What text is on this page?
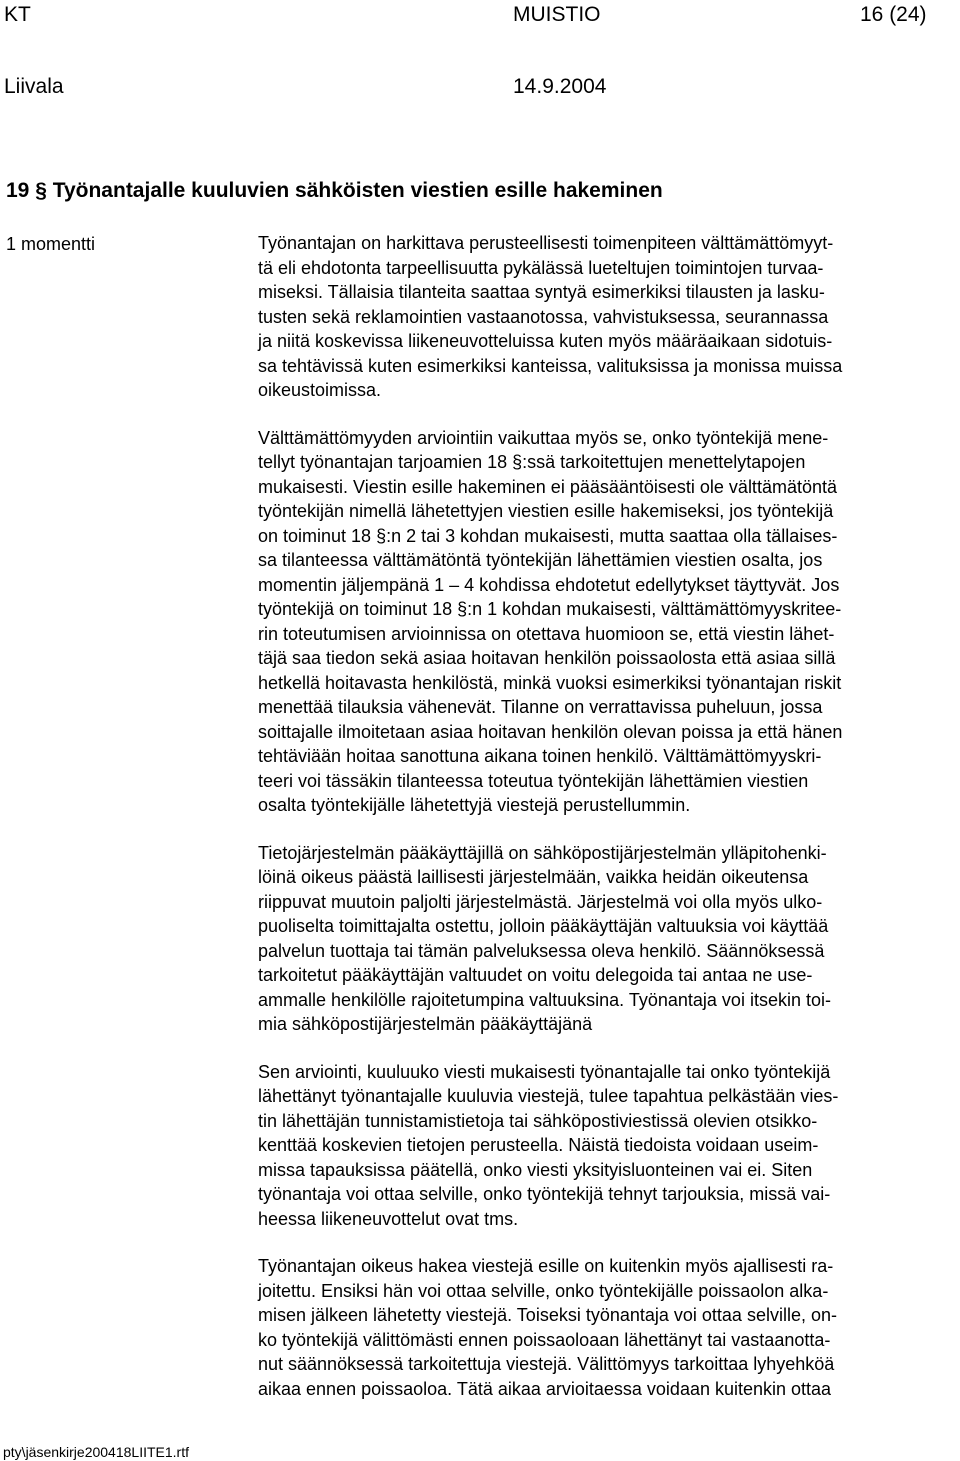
KT	MUISTIO	16 (24)
Liivala	14.9.2004
19 § Työnantajalle kuuluvien sähköisten viestien esille hakeminen
1 momentti	Työnantajan on harkittava perusteellisesti toimenpiteen välttämättömyyt-
tä eli ehdotonta tarpeellisuutta pykälässä lueteltujen toimintojen turvaa-
miseksi. Tällaisia tilanteita saattaa syntyä esimerkiksi tilausten ja lasku-
tusten sekä reklamointien vastaanotossa, vahvistuksessa, seurannassa
ja niitä koskevissa liikeneuvotteluissa kuten myös määräaikaan sidotuis-
sa tehtävissä kuten esimerkiksi kanteissa, valituksissa ja monissa muissa
oikeustoimissa.

Välttämättömyyden arviointiin vaikuttaa myös se, onko työntekijä mene-
tellyt työnantajan tarjoamien 18 §:ssä tarkoitettujen menettelytapojen
mukaisesti. Viestin esille hakeminen ei pääsääntöisesti ole välttämätöntä
työntekijän nimellä lähetettyjen viestien esille hakemiseksi, jos työntekijä
on toiminut 18 §:n 2 tai 3 kohdan mukaisesti, mutta saattaa olla tällaises-
sa tilanteessa välttämätöntä työntekijän lähettämien viestien osalta, jos
momentin jäljempänä 1 – 4 kohdissa ehdotetut edellytykset täyttyvät. Jos
työntekijä on toiminut 18 §:n 1 kohdan mukaisesti, välttämättömyyskritee-
rin toteutumisen arvioinnissa on otettava huomioon se, että viestin lähet-
täjä saa tiedon sekä asiaa hoitavan henkilön poissaolosta että asiaa sillä
hetkellä hoitavasta henkilöstä, minkä vuoksi esimerkiksi työnantajan riskit
menettää tilauksia vähenevät. Tilanne on verrattavissa puheluun, jossa
soittajalle ilmoitetaan asiaa hoitavan henkilön olevan poissa ja että hänen
tehtäviään hoitaa sanottuna aikana toinen henkilö. Välttämättömyyskri-
teeri voi tässäkin tilanteessa toteutua työntekijän lähettämien viestien
osalta työntekijälle lähetettyjä viestejä perustellummin.

Tietojärjestelmän pääkäyttäjillä on sähköpostijärjestelmän ylläpitohenki-
löinä oikeus päästä laillisesti järjestelmään, vaikka heidän oikeutensa
riippuvat muutoin paljolti järjestelmästä. Järjestelmä voi olla myös ulko-
puoliselta toimittajalta ostettu, jolloin pääkäyttäjän valtuuksia voi käyttää
palvelun tuottaja tai tämän palveluksessa oleva henkilö. Säännöksessä
tarkoitetut pääkäyttäjän valtuudet on voitu delegoida tai antaa ne use-
ammalle henkilölle rajoitetumpina valtuuksina. Työnantaja voi itsekin toi-
mia sähköpostijärjestelmän pääkäyttäjänä

Sen arviointi, kuuluuko viesti mukaisesti työnantajalle tai onko työntekijä
lähettänyt työnantajalle kuuluvia viestejä, tulee tapahtua pelkästään vies-
tin lähettäjän tunnistamistietoja tai sähköpostiviestissä olevien otsikko-
kenttää koskevien tietojen perusteella. Näistä tiedoista voidaan useim-
missa tapauksissa päätellä, onko viesti yksityisluonteinen vai ei. Siten
työnantaja voi ottaa selville, onko työntekijä tehnyt tarjouksia, missä vai-
heessa liikeneuvottelut ovat tms.

Työnantajan oikeus hakea viestejä esille on kuitenkin myös ajallisesti ra-
joitettu. Ensiksi hän voi ottaa selville, onko työntekijälle poissaolon alka-
misen jälkeen lähetetty viestejä. Toiseksi työnantaja voi ottaa selville, on-
ko työntekijä välittömästi ennen poissaoloaan lähettänyt tai vastaanotta-
nut säännöksessä tarkoitettuja viestejä. Välittömyys tarkoittaa lyhyehköä
aikaa ennen poissaoloa. Tätä aikaa arvioitaessa voidaan kuitenkin ottaa

pty\jäsenkirje200418LIITE1.rtf
